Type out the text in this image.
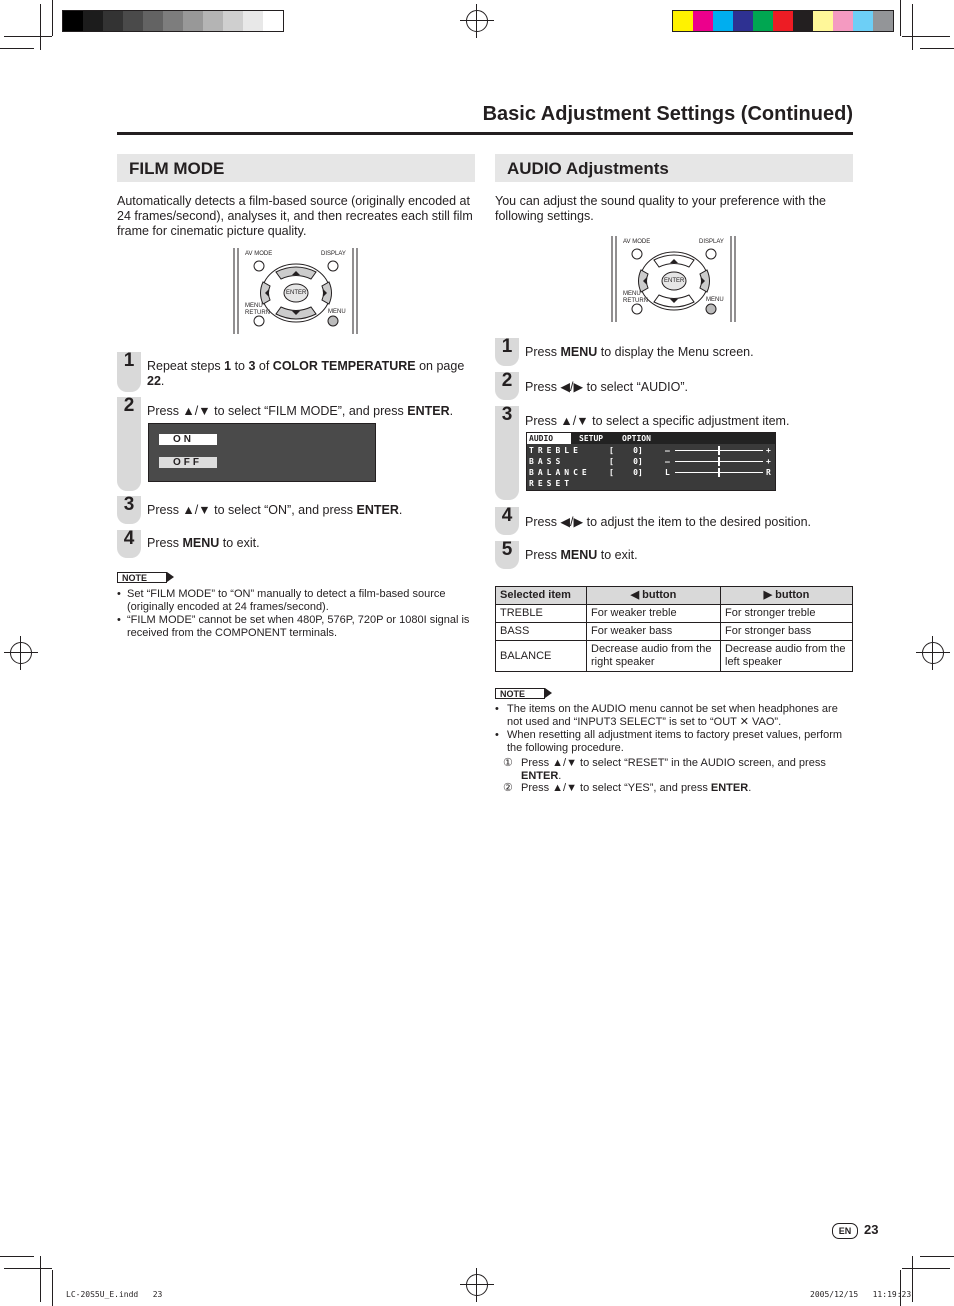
Basic Adjustment Settings (Continued)
FILM MODE
Automatically detects a film-based source (originally encoded at 24 frames/second), analyses it, and then recreates each still film frame for cinematic picture quality.
AV MODE	DISPLAY
ENTER
MENU RETURN	MENU
1	Repeat steps 1 to 3 of COLOR TEMPERATURE on page 22.
2	Press ▲/▼ to select “FILM MODE”, and press ENTER.
ON
OFF
3	Press ▲/▼ to select “ON”, and press ENTER.
4	Press MENU to exit.
NOTE
• Set “FILM MODE” to “ON” manually to detect a film-based source (originally encoded at 24 frames/second).
• “FILM MODE” cannot be set when 480P, 576P, 720P or 1080I signal is received from the COMPONENT terminals.
AUDIO Adjustments
You can adjust the sound quality to your preference with the following settings.
AV MODE	DISPLAY
ENTER
MENU RETURN	MENU
1	Press MENU to display the Menu screen.
2	Press ◀/▶ to select “AUDIO”.
3	Press ▲/▼ to select a specific adjustment item.
AUDIO	SETUP OPTION
TREBLE	[    0]	–	+
BASS	[    0]	–	+
BALANCE [    0]	L	R
RESET
4	Press ◀/▶ to adjust the item to the desired position.
5	Press MENU to exit.
Selected item	◀ button	▶ button
TREBLE	For weaker treble	For stronger treble
BASS	For weaker bass	For stronger bass
BALANCE	Decrease audio from the right speaker	Decrease audio from the left speaker
NOTE
• The items on the AUDIO menu cannot be set when headphones are not used and “INPUT3 SELECT” is set to “OUT ✕ VAO”.
• When resetting all adjustment items to factory preset values, perform the following procedure.
① Press ▲/▼ to select “RESET” in the AUDIO screen, and press ENTER.
② Press ▲/▼ to select “YES”, and press ENTER.
EN 23
LC-20S5U_E.indd   23	2005/12/15   11:19:23
